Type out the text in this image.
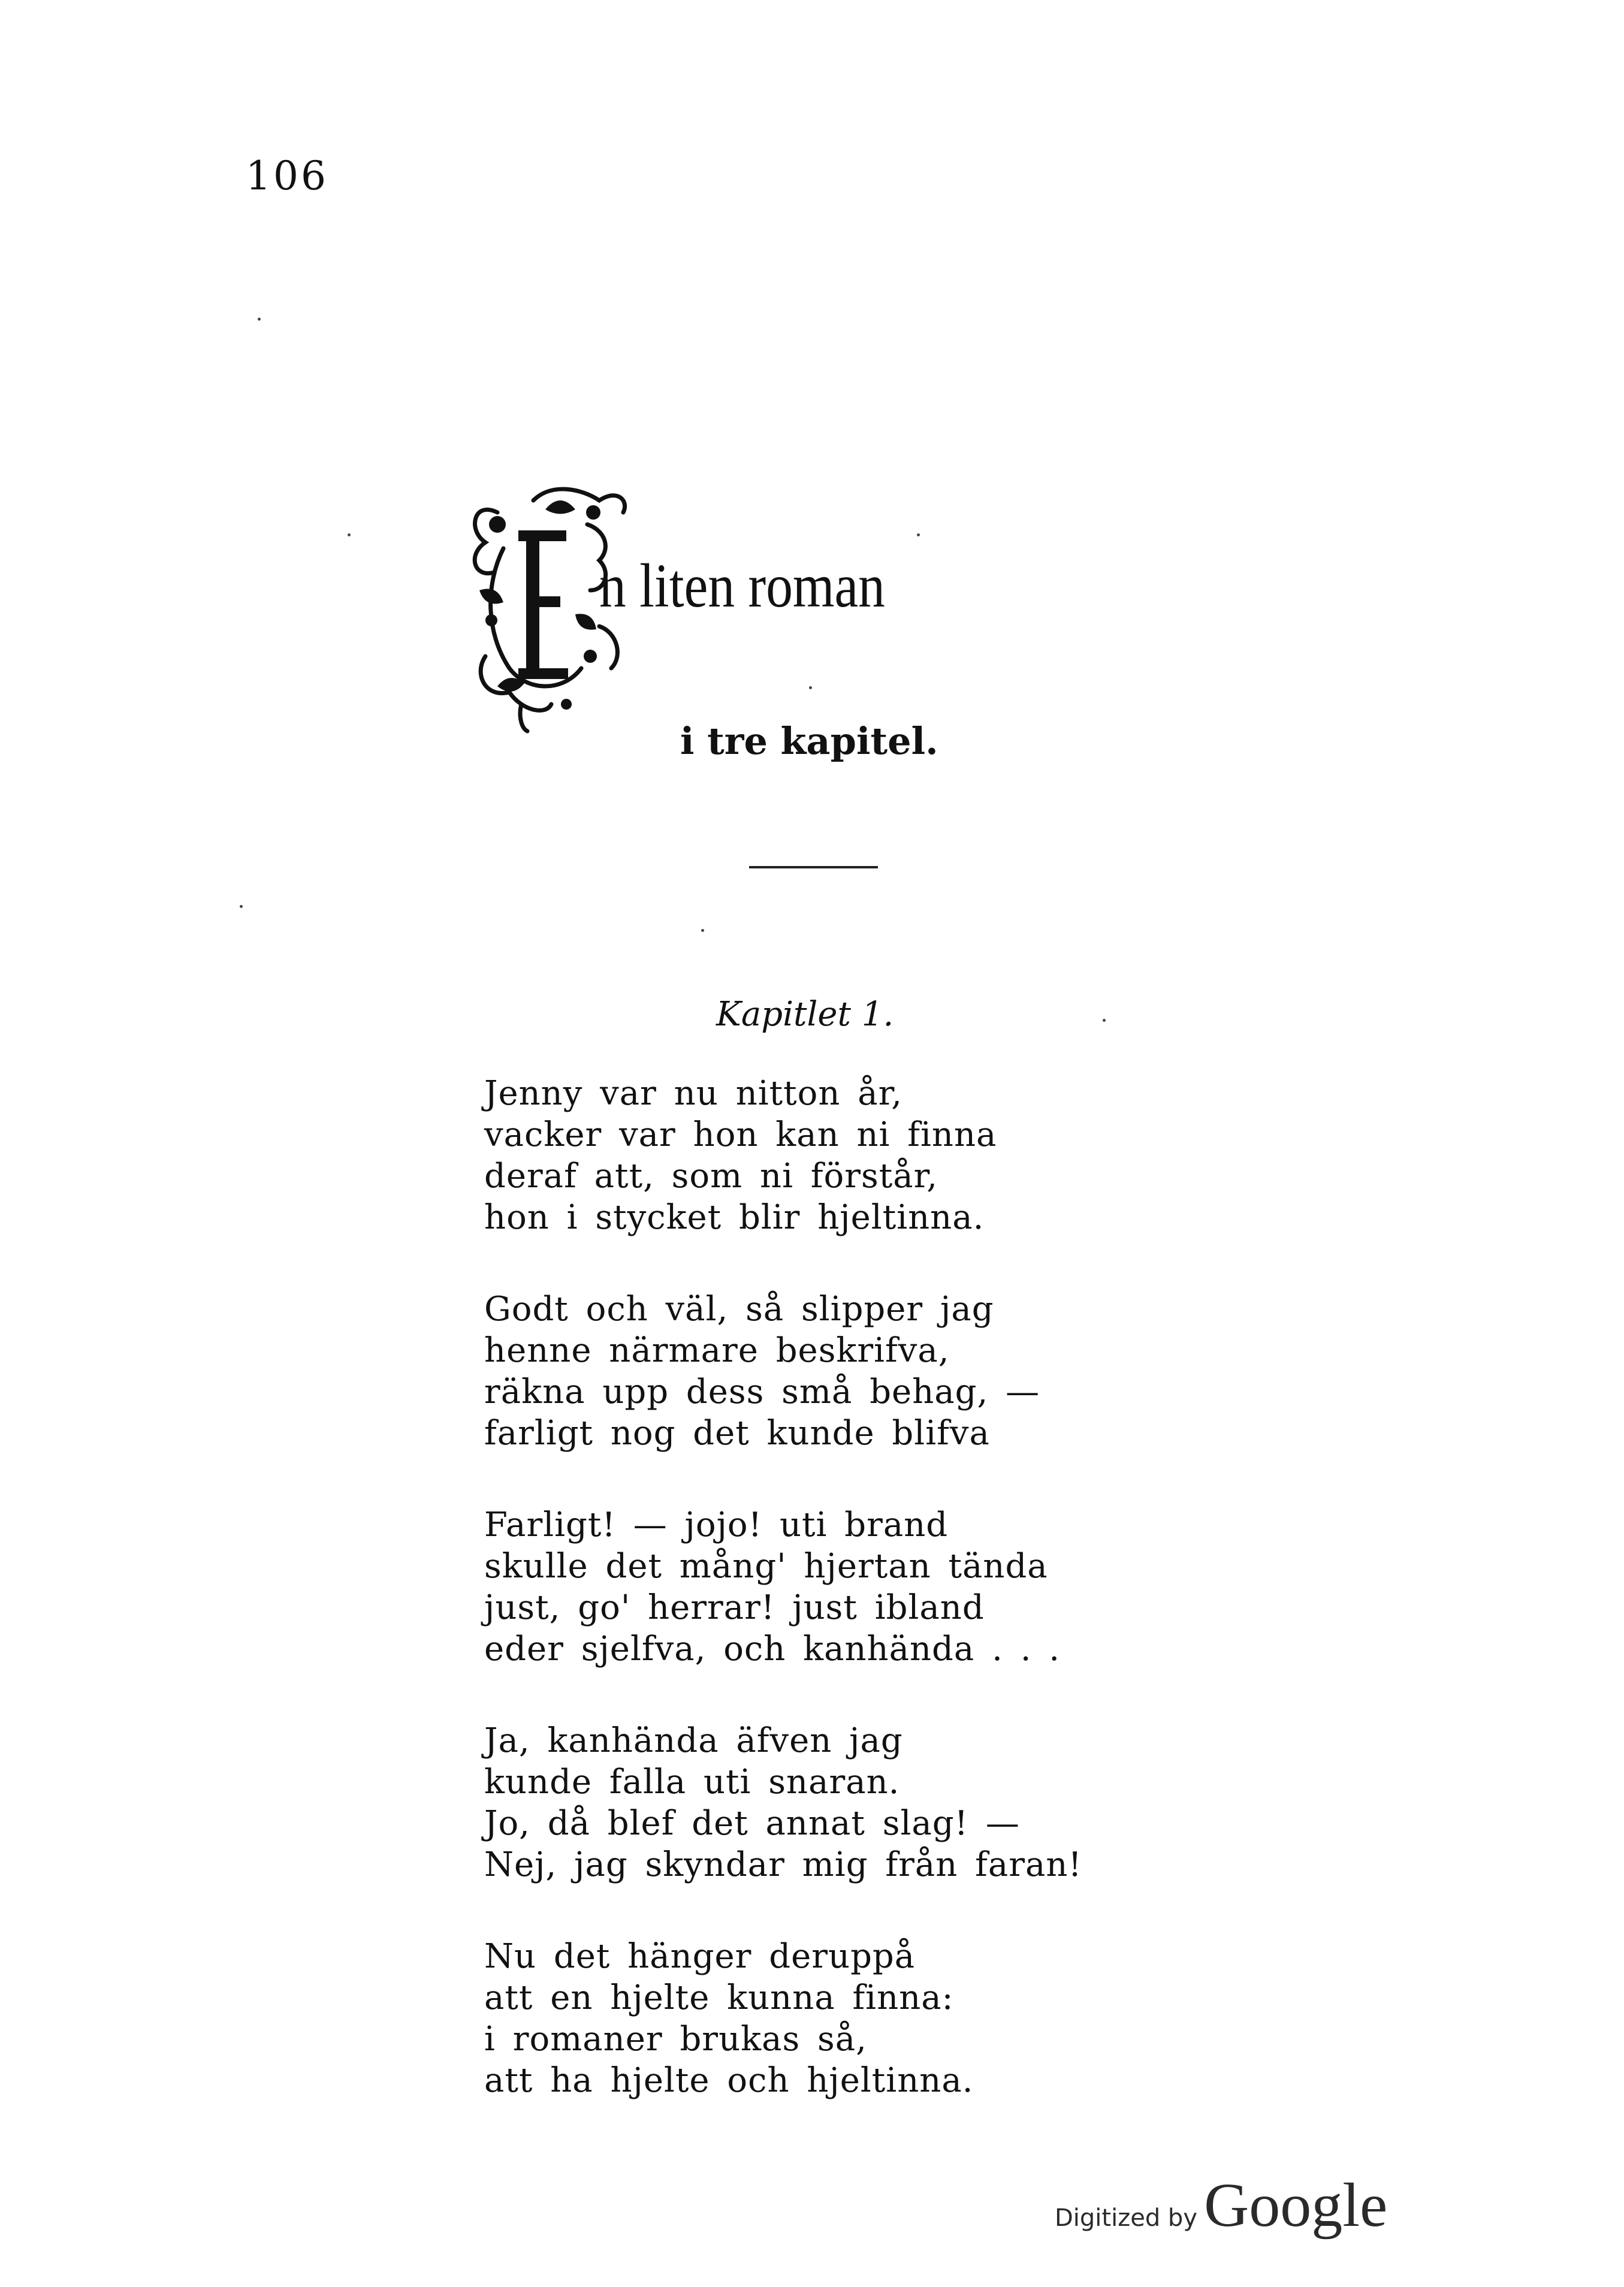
106
n liten roman
i tre kapitel.
Kapitlet 1.
Jenny var nu nitton år,
vacker var hon kan ni finna
deraf att, som ni förstår,
hon i stycket blir hjeltinna.
Godt och väl, så slipper jag
henne närmare beskrifva,
räkna upp dess små behag, —
farligt nog det kunde blifva
Farligt! — jojo! uti brand
skulle det mång' hjertan tända
just, go' herrar! just ibland
eder sjelfva, och kanhända . . .
Ja, kanhända äfven jag
kunde falla uti snaran.
Jo, då blef det annat slag! —
Nej, jag skyndar mig från faran!
Nu det hänger deruppå
att en hjelte kunna finna:
i romaner brukas så,
att ha hjelte och hjeltinna.
Digitized by Google
